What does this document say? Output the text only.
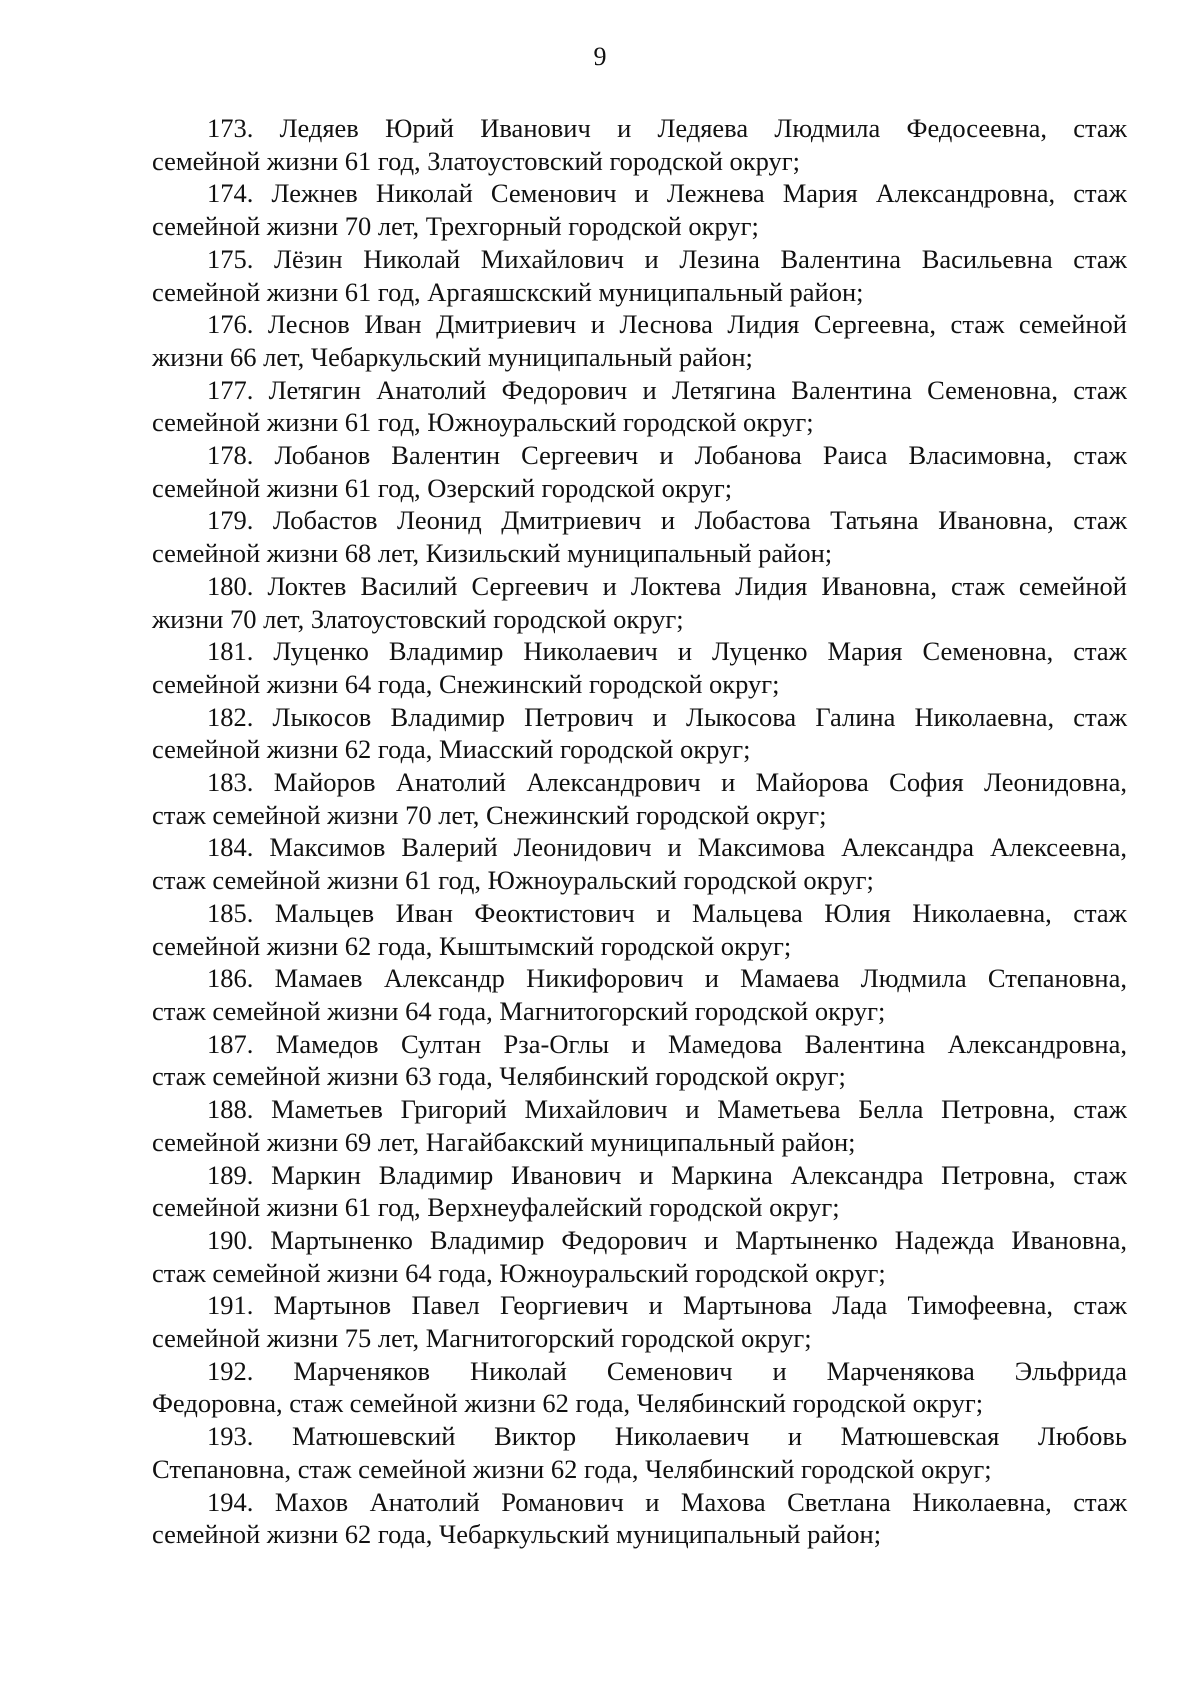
9
173. Ледяев Юрий Иванович и Ледяева Людмила Федосеевна, стаж
семейной жизни 61 год, Златоустовский городской округ;
174. Лежнев Николай Семенович и Лежнева Мария Александровна, стаж
семейной жизни 70 лет, Трехгорный городской округ;
175. Лёзин Николай Михайлович и Лезина Валентина Васильевна стаж
семейной жизни 61 год, Аргаяшскский муниципальный район;
176. Леснов Иван Дмитриевич и Леснова Лидия Сергеевна, стаж семейной
жизни 66 лет, Чебаркульский муниципальный район;
177. Летягин Анатолий Федорович и Летягина Валентина Семеновна, стаж
семейной жизни 61 год, Южноуральский городской округ;
178. Лобанов Валентин Сергеевич и Лобанова Раиса Власимовна, стаж
семейной жизни 61 год, Озерский городской округ;
179. Лобастов Леонид Дмитриевич и Лобастова Татьяна Ивановна, стаж
семейной жизни 68 лет, Кизильский муниципальный район;
180. Локтев Василий Сергеевич и Локтева Лидия Ивановна, стаж семейной
жизни 70 лет, Златоустовский городской округ;
181. Луценко Владимир Николаевич и Луценко Мария Семеновна, стаж
семейной жизни 64 года, Снежинский городской округ;
182. Лыкосов Владимир Петрович и Лыкосова Галина Николаевна, стаж
семейной жизни 62 года, Миасский городской округ;
183. Майоров Анатолий Александрович и Майорова София Леонидовна,
стаж семейной жизни 70 лет, Снежинский городской округ;
184. Максимов Валерий Леонидович и Максимова Александра Алексеевна,
стаж семейной жизни 61 год, Южноуральский городской округ;
185. Мальцев Иван Феоктистович и Мальцева Юлия Николаевна, стаж
семейной жизни 62 года, Кыштымский городской округ;
186. Мамаев Александр Никифорович и Мамаева Людмила Степановна,
стаж семейной жизни 64 года, Магнитогорский городской округ;
187. Мамедов Султан Рза-Оглы и Мамедова Валентина Александровна,
стаж семейной жизни 63 года, Челябинский городской округ;
188. Маметьев Григорий Михайлович и Маметьева Белла Петровна, стаж
семейной жизни 69 лет, Нагайбакский муниципальный район;
189. Маркин Владимир Иванович и Маркина Александра Петровна, стаж
семейной жизни 61 год, Верхнеуфалейский городской округ;
190. Мартыненко Владимир Федорович и Мартыненко Надежда Ивановна,
стаж семейной жизни 64 года, Южноуральский городской округ;
191. Мартынов Павел Георгиевич и Мартынова Лада Тимофеевна, стаж
семейной жизни 75 лет, Магнитогорский городской округ;
192. Марченяков Николай Семенович и Марченякова Эльфрида
Федоровна, стаж семейной жизни 62 года, Челябинский городской округ;
193. Матюшевский Виктор Николаевич и Матюшевская Любовь
Степановна, стаж семейной жизни 62 года, Челябинский городской округ;
194. Махов Анатолий Романович и Махова Светлана Николаевна, стаж
семейной жизни 62 года, Чебаркульский муниципальный район;
